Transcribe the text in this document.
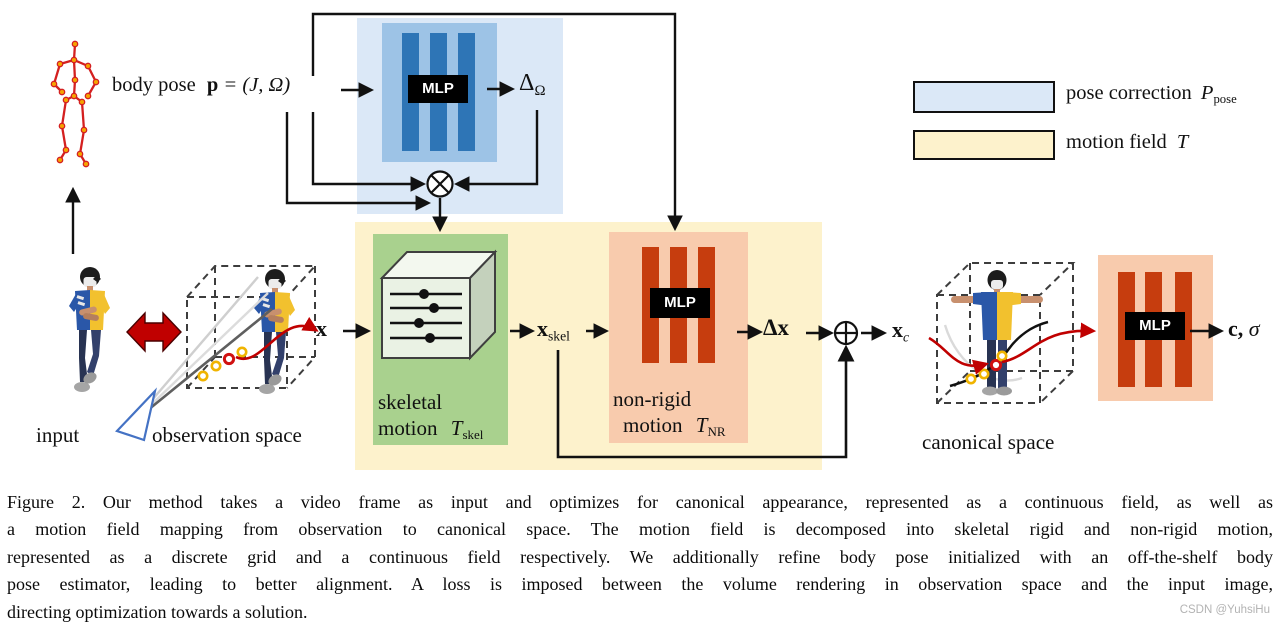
MLP
MLP
MLP
body pose p = (J, Ω)	$\Delta_\Omega$
x	$x_{skel}$	Δx	$x_c$	c, σ
skeletal
motion $T_{skel}$
non-rigid
motion $T_{NR}$
input	observation space	canonical space
pose correction $P_{pose}$
motion field T
Figure 2. Our method takes a video frame as input and optimizes for canonical appearance, represented as a continuous field, as well as
a motion field mapping from observation to canonical space. The motion field is decomposed into skeletal rigid and non-rigid motion,
represented as a discrete grid and a continuous field respectively. We additionally refine body pose initialized with an off-the-shelf body
pose estimator, leading to better alignment. A loss is imposed between the volume rendering in observation space and the input image,
directing optimization towards a solution.	CSDN @YuhsiHu
